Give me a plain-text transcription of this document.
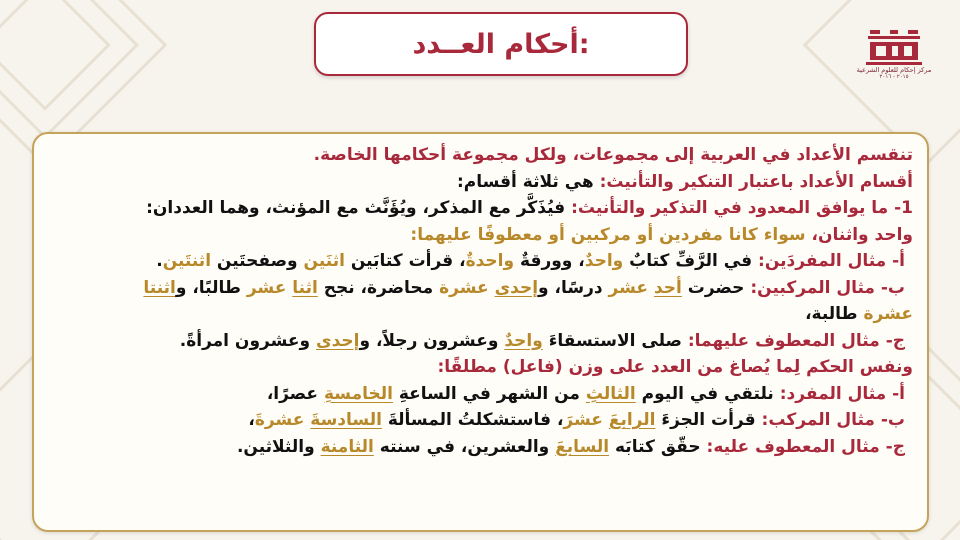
أحكام العــدد:
مركز إحكام للعلوم الشرعية
٢٠١٥ - ٢٠١٦
تنقسم الأعداد في العربية إلى مجموعات، ولكل مجموعة أحكامها الخاصة.
أقسام الأعداد باعتبار التنكير والتأنيث: هي ثلاثة أقسام:
1- ما يوافق المعدود في التذكير والتأنيث: فيُذَكَّر مع المذكر، ويُؤَنَّث مع المؤنث، وهما العددان:
واحد واثنان، سواء كانا مفردين أو مركبين أو معطوفًا عليهما:
أ- مثال المفردَين: في الرَّفِّ كتابٌ واحدٌ، وورقةٌ واحدةٌ، قرأت كتابَين اثنَين وصفحتَين اثنتَين.
ب- مثال المركبين: حضرت أحد عشر درسًا، وإحدى عشرة محاضرة، نجح اثنا عشر طالبًا، واثنتا
عشرة طالبة،
ج- مثال المعطوف عليهما: صلى الاستسقاءَ واحدٌ وعشرون رجلاً، وإحدى وعشرون امرأةً.
ونفس الحكم لِما يُصاغ من العدد على وزن (فاعل) مطلقًا:
أ- مثال المفرد: نلتقي في اليوم الثالثِ من الشهر في الساعةِ الخامسةِ عصرًا،
ب- مثال المركب: قرأت الجزءَ الرابعَ عشرَ، فاستشكلتُ المسألةَ السادسةَ عشرةَ،
ج- مثال المعطوف عليه: حقّق كتابَه السابعَ والعشرين، في سنته الثامنة والثلاثين.
